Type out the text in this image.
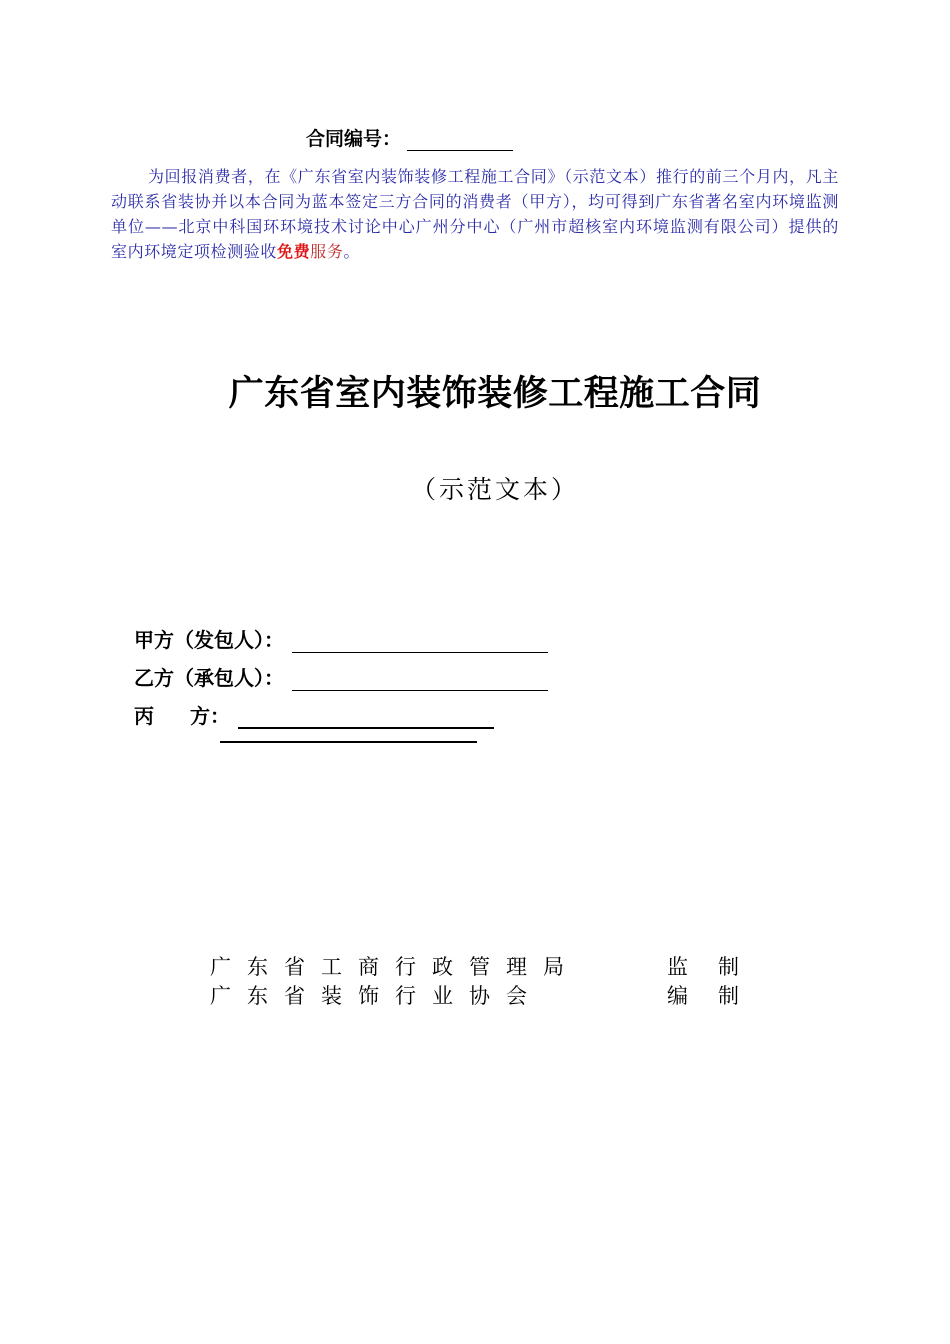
合同编号：
为回报消费者，在《广东省室内装饰装修工程施工合同》（示范文本）推行的前三个月内，凡主动联系省装协并以本合同为蓝本签定三方合同的消费者（甲方），均可得到广东省著名室内环境监测单位——北京中科国环环境技术讨论中心广州分中心（广州市超核室内环境监测有限公司）提供的室内环境定项检测验收免费服务。
广东省室内装饰装修工程施工合同
（示范文本）
甲方（发包人）：
乙方（承包人）：
丙 方：
广东省工商行政管理局	监制
广东省装饰行业协会	编制
